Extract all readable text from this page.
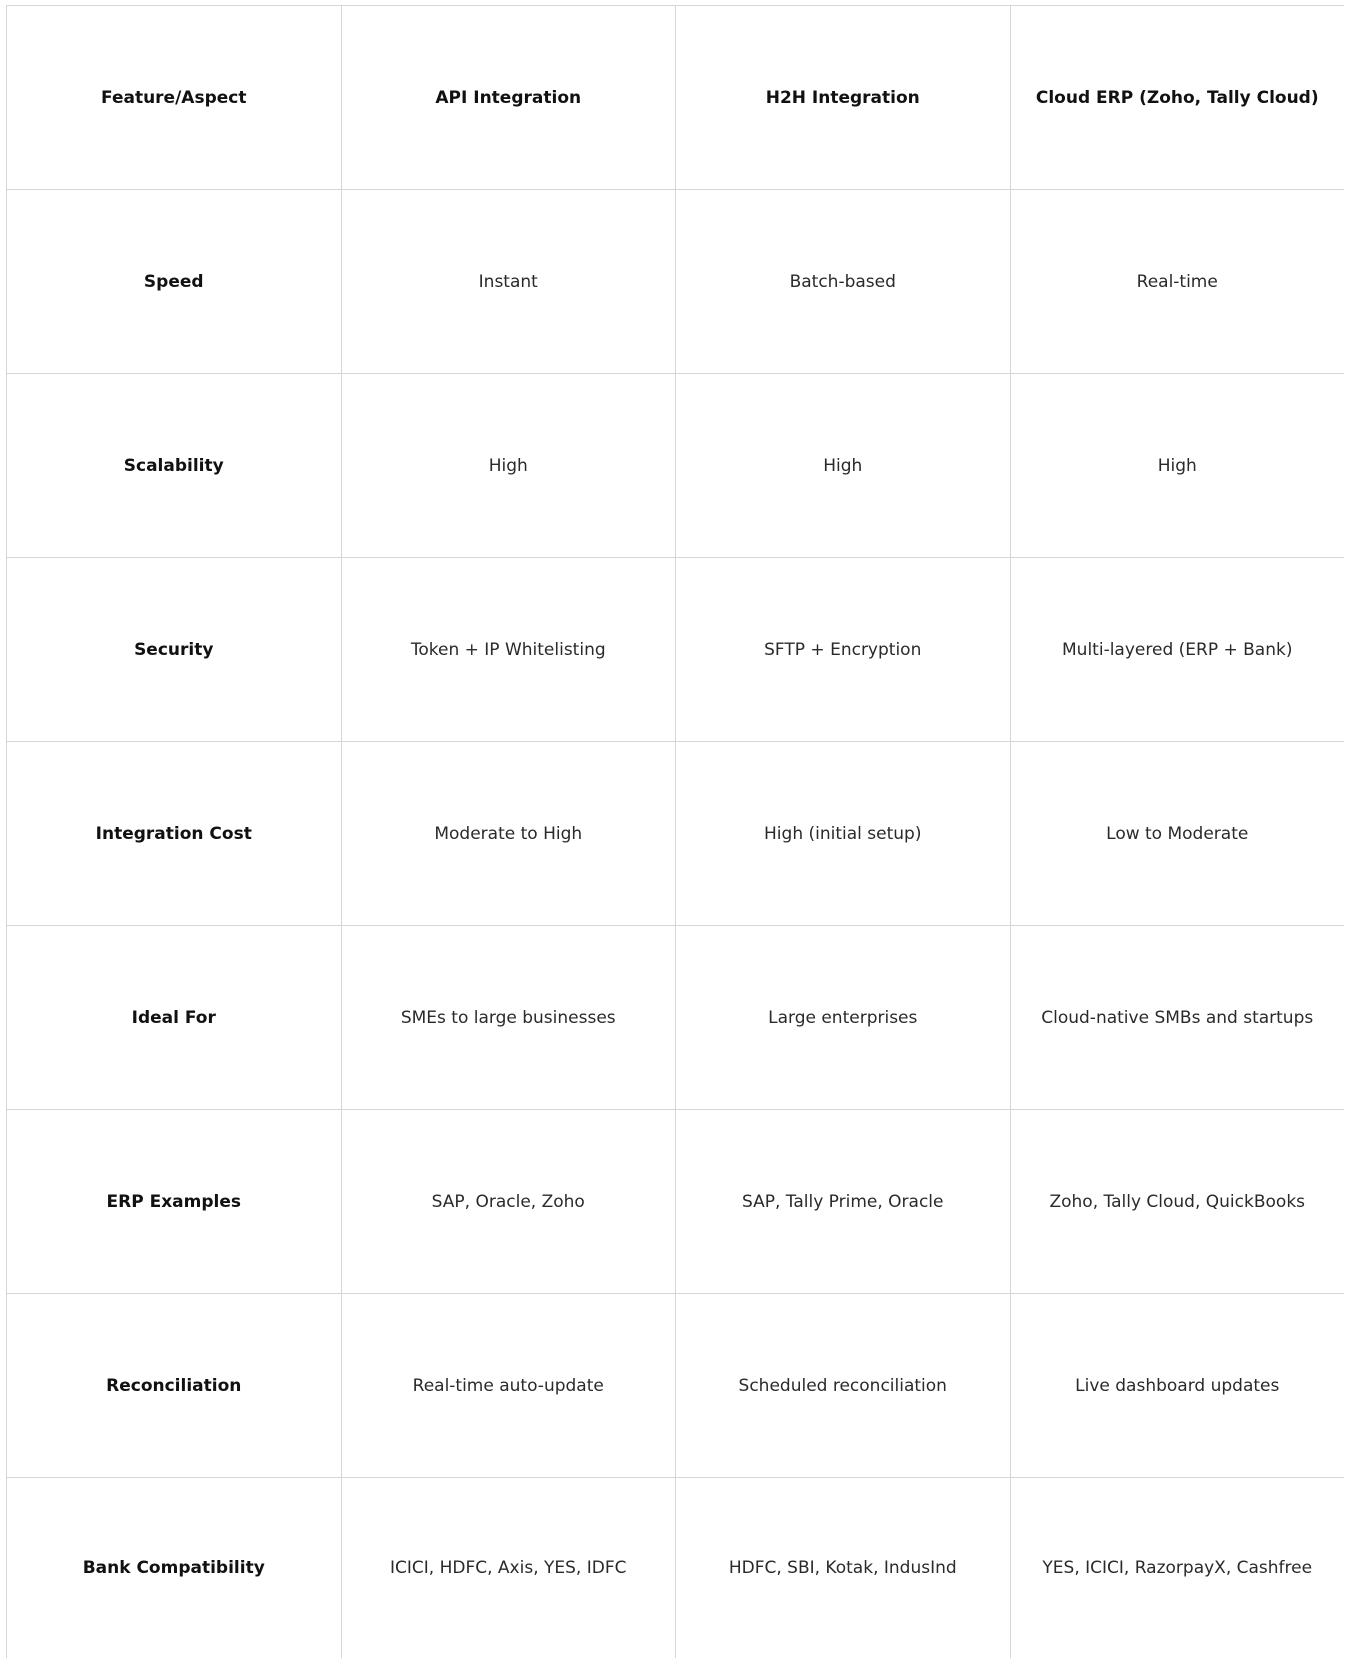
Feature/Aspect	API Integration	H2H Integration	Cloud ERP (Zoho, Tally Cloud)
Speed	Instant	Batch-based	Real-time
Scalability	High	High	High
Security	Token + IP Whitelisting	SFTP + Encryption	Multi-layered (ERP + Bank)
Integration Cost	Moderate to High	High (initial setup)	Low to Moderate
Ideal For	SMEs to large businesses	Large enterprises	Cloud-native SMBs and startups
ERP Examples	SAP, Oracle, Zoho	SAP, Tally Prime, Oracle	Zoho, Tally Cloud, QuickBooks
Reconciliation	Real-time auto-update	Scheduled reconciliation	Live dashboard updates
Bank Compatibility	ICICI, HDFC, Axis, YES, IDFC	HDFC, SBI, Kotak, IndusInd	YES, ICICI, RazorpayX, Cashfree
